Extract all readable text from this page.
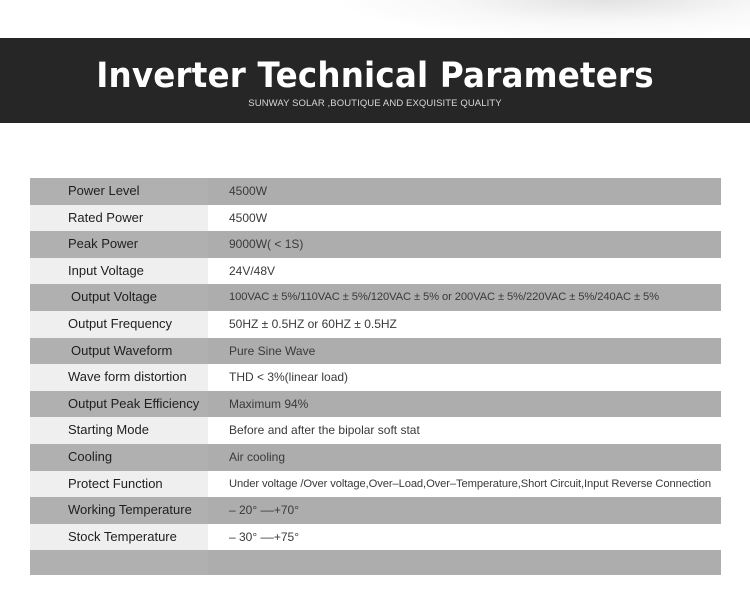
Inverter Technical Parameters
SUNWAY SOLAR ,BOUTIQUE AND EXQUISITE QUALITY
Power Level	4500W
Rated Power	4500W
Peak Power	9000W( < 1S)
Input Voltage	24V/48V
Output Voltage	100VAC ± 5%/110VAC ± 5%/120VAC ± 5% or 200VAC ± 5%/220VAC ± 5%/240AC ± 5%
Output Frequency	50HZ ± 0.5HZ or 60HZ ± 0.5HZ
Output Waveform	Pure Sine Wave
Wave form distortion	THD < 3%(linear load)
Output Peak Efficiency	Maximum 94%
Starting Mode	Before and after the bipolar soft stat
Cooling	Air cooling
Protect Function	Under voltage /Over voltage,Over–Load,Over–Temperature,Short Circuit,Input Reverse Connection
Working Temperature	– 20° ––+70°
Stock Temperature	– 30° ––+75°
